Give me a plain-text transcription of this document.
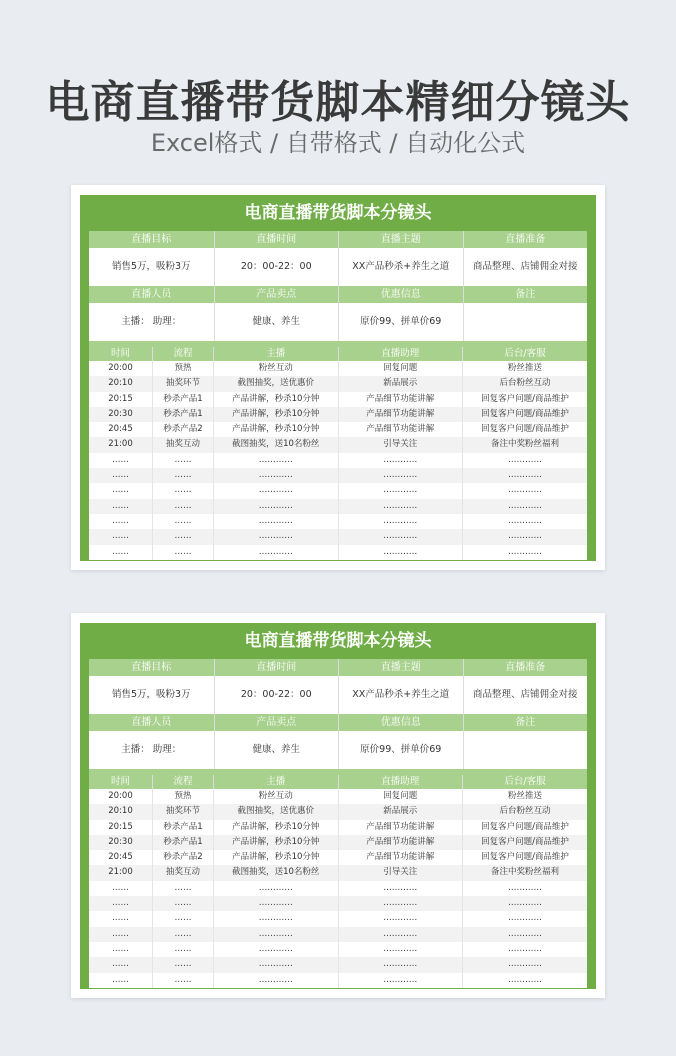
电商直播带货脚本精细分镜头
Excel格式 / 自带格式 / 自动化公式
电商直播带货脚本分镜头
直播目标	直播时间	直播主题	直播准备
销售5万，吸粉3万	20：00-22：00	XX产品秒杀+养生之道	商品整理、店铺佣金对接
直播人员	产品卖点	优惠信息	备注
主播： 助理：	健康、养生	原价99、拼单价69
时间	流程	主播	直播助理	后台/客服
20:00	预热	粉丝互动	回复问题	粉丝推送
20:10	抽奖环节	截图抽奖，送优惠价	新品展示	后台粉丝互动
20:15	秒杀产品1	产品讲解，秒杀10分钟	产品细节功能讲解	回复客户问题/商品维护
20:30	秒杀产品1	产品讲解，秒杀10分钟	产品细节功能讲解	回复客户问题/商品维护
20:45	秒杀产品2	产品讲解，秒杀10分钟	产品细节功能讲解	回复客户问题/商品维护
21:00	抽奖互动	截图抽奖，送10名粉丝	引导关注	备注中奖粉丝福利
……	……	…………	…………	…………
……	……	…………	…………	…………
……	……	…………	…………	…………
……	……	…………	…………	…………
……	……	…………	…………	…………
……	……	…………	…………	…………
……	……	…………	…………	…………
电商直播带货脚本分镜头
直播目标	直播时间	直播主题	直播准备
销售5万，吸粉3万	20：00-22：00	XX产品秒杀+养生之道	商品整理、店铺佣金对接
直播人员	产品卖点	优惠信息	备注
主播： 助理：	健康、养生	原价99、拼单价69
时间	流程	主播	直播助理	后台/客服
20:00	预热	粉丝互动	回复问题	粉丝推送
20:10	抽奖环节	截图抽奖，送优惠价	新品展示	后台粉丝互动
20:15	秒杀产品1	产品讲解，秒杀10分钟	产品细节功能讲解	回复客户问题/商品维护
20:30	秒杀产品1	产品讲解，秒杀10分钟	产品细节功能讲解	回复客户问题/商品维护
20:45	秒杀产品2	产品讲解，秒杀10分钟	产品细节功能讲解	回复客户问题/商品维护
21:00	抽奖互动	截图抽奖，送10名粉丝	引导关注	备注中奖粉丝福利
……	……	…………	…………	…………
……	……	…………	…………	…………
……	……	…………	…………	…………
……	……	…………	…………	…………
……	……	…………	…………	…………
……	……	…………	…………	…………
……	……	…………	…………	…………
